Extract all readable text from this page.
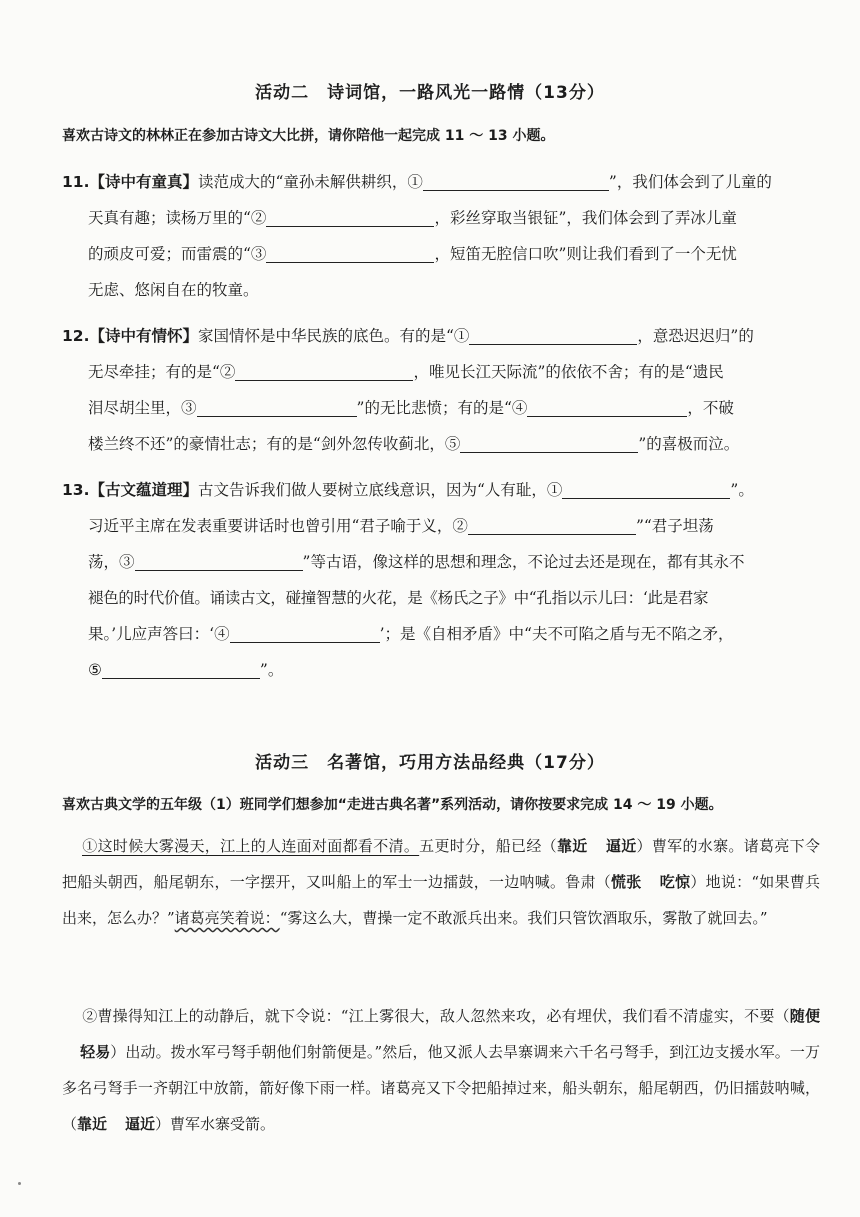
活动二　诗词馆，一路风光一路情（13分）
喜欢古诗文的林林正在参加古诗文大比拼，请你陪他一起完成 11 ～ 13 小题。
11.【诗中有童真】读范成大的“童孙未解供耕织，①	”，我们体会到了儿童的
天真有趣；读杨万里的“②	，彩丝穿取当银钲”，我们体会到了弄冰儿童
的顽皮可爱；而雷震的“③	，短笛无腔信口吹”则让我们看到了一个无忧
无虑、悠闲自在的牧童。
12.【诗中有情怀】家国情怀是中华民族的底色。有的是“①	，意恐迟迟归”的
无尽牵挂；有的是“②	，唯见长江天际流”的依依不舍；有的是“遗民
泪尽胡尘里，③	”的无比悲愤；有的是“④	，不破
楼兰终不还”的豪情壮志；有的是“剑外忽传收蓟北，⑤	”的喜极而泣。
13.【古文蕴道理】古文告诉我们做人要树立底线意识，因为“人有耻，①	”。
习近平主席在发表重要讲话时也曾引用“君子喻于义，②	”“君子坦荡
荡，③	”等古语，像这样的思想和理念，不论过去还是现在，都有其永不
褪色的时代价值。诵读古文，碰撞智慧的火花，是《杨氏之子》中“孔指以示儿曰：‘此是君家
果。’儿应声答曰：‘④	’；是《自相矛盾》中“夫不可陷之盾与无不陷之矛，
⑤	”。
活动三　名著馆，巧用方法品经典（17分）
喜欢古典文学的五年级（1）班同学们想参加“走进古典名著”系列活动，请你按要求完成 14 ～ 19 小题。
①这时候大雾漫天，江上的人连面对面都看不清。五更时分，船已经（靠近 逼近）曹军的水寨。诸葛亮下令把船头朝西，船尾朝东，一字摆开，又叫船上的军士一边擂鼓，一边呐喊。鲁肃（慌张 吃惊）地说：“如果曹兵出来，怎么办？”诸葛亮笑着说：“雾这么大，曹操一定不敢派兵出来。我们只管饮酒取乐，雾散了就回去。”
②曹操得知江上的动静后，就下令说：“江上雾很大，敌人忽然来攻，必有埋伏，我们看不清虚实，不要（随便轻易）出动。拨水军弓弩手朝他们射箭便是。”然后，他又派人去旱寨调来六千名弓弩手，到江边支援水军。一万多名弓弩手一齐朝江中放箭，箭好像下雨一样。诸葛亮又下令把船掉过来，船头朝东，船尾朝西，仍旧擂鼓呐喊，（靠近 逼近）曹军水寨受箭。
